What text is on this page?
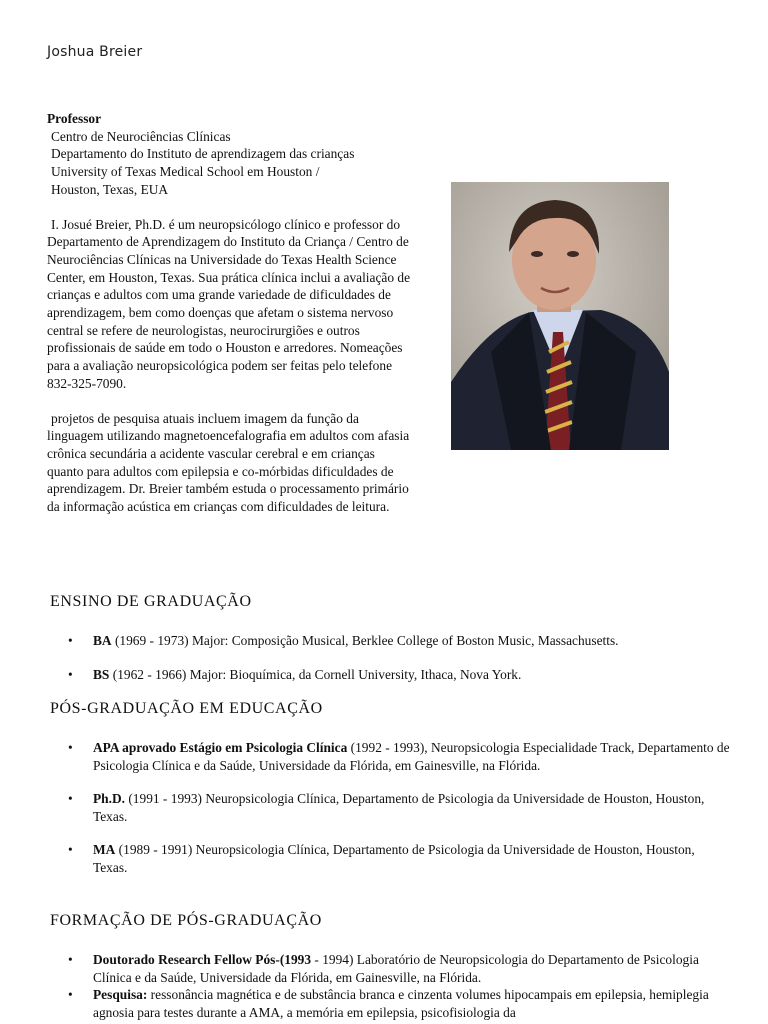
Joshua Breier
Professor
Centro de Neurociências Clínicas
Departamento do Instituto de aprendizagem das crianças
University of Texas Medical School em Houston /
Houston, Texas, EUA

I. Josué Breier, Ph.D. é um neuropsicólogo clínico e professor do Departamento de Aprendizagem do Instituto da Criança / Centro de Neurociências Clínicas na Universidade do Texas Health Science Center, em Houston, Texas. Sua prática clínica inclui a avaliação de crianças e adultos com uma grande variedade de dificuldades de aprendizagem, bem como doenças que afetam o sistema nervoso central se refere de neurologistas, neurocirurgiões e outros profissionais de saúde em todo o Houston e arredores. Nomeações para a avaliação neuropsicológica podem ser feitas pelo telefone 832-325-7090.

projetos de pesquisa atuais incluem imagem da função da linguagem utilizando magnetoencefalografia em adultos com afasia crônica secundária a acidente vascular cerebral e em crianças quanto para adultos com epilepsia e co-mórbidas dificuldades de aprendizagem. Dr. Breier também estuda o processamento primário da informação acústica em crianças com dificuldades de leitura.

ENSINO DE GRADUAÇÃO
• BA (1969 - 1973) Major: Composição Musical, Berklee College of Boston Music, Massachusetts.
• BS (1962 - 1966) Major: Bioquímica, da Cornell University, Ithaca, Nova York.
PÓS-GRADUAÇÃO EM EDUCAÇÃO
• APA aprovado Estágio em Psicologia Clínica (1992 - 1993), Neuropsicologia Especialidade Track, Departamento de Psicologia Clínica e da Saúde, Universidade da Flórida, em Gainesville, na Flórida.
• Ph.D. (1991 - 1993) Neuropsicologia Clínica, Departamento de Psicologia da Universidade de Houston, Houston, Texas.
• MA (1989 - 1991) Neuropsicologia Clínica, Departamento de Psicologia da Universidade de Houston, Houston, Texas.
FORMAÇÃO DE PÓS-GRADUAÇÃO
• Doutorado Research Fellow Pós-(1993 - 1994) Laboratório de Neuropsicologia do Departamento de Psicologia Clínica e da Saúde, Universidade da Flórida, em Gainesville, na Flórida.
• Pesquisa: ressonância magnética e de substância branca e cinzenta volumes hipocampais em epilepsia, hemiplegia agnosia para testes durante a AMA, a memória em epilepsia, psicofisiologia da
